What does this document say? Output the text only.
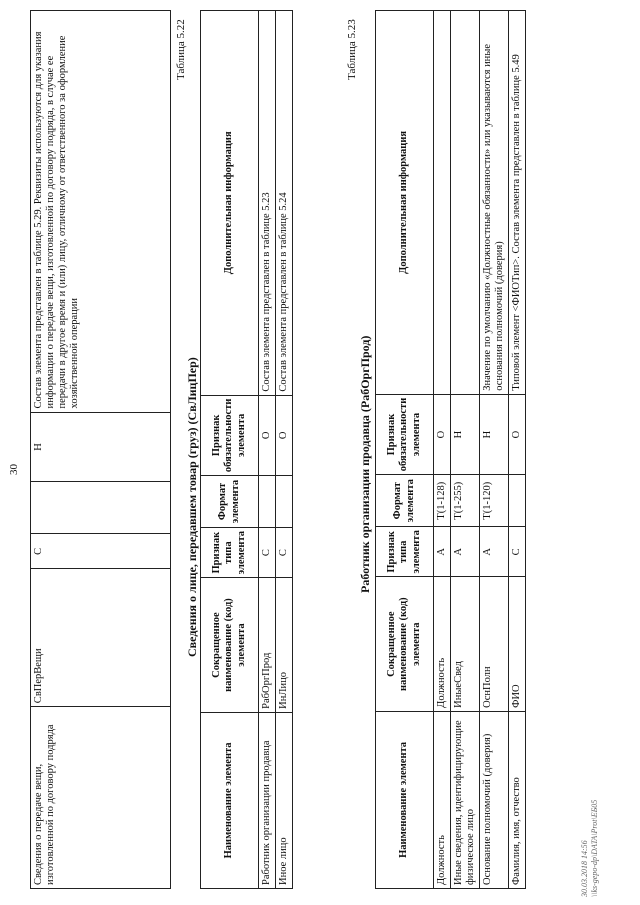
30
30.03.2018 14:56 \\ks-gepo-dp\DATA\Prot\ЕБ05
Сведения о передаче вещи, изготовленной по договору подряда	СвПерВещи	С		Н	Состав элемента представлен в таблице 5.29. Реквизиты используются для указания информации о передаче вещи, изготовленной по договору подряда, в случае ее передачи в другое время и (или) лицу, отличному от ответственного за оформление хозяйственной операции
Таблица 5.22
Сведения о лице, передавшем товар (груз) (СвЛицПер)
Наименование элемента	Сокращенное наименование (код) элемента	Признак типа элемента	Формат элемента	Признак обязательности элемента	Дополнительная информация
Работник организации продавца	РабОргПрод	С		О	Состав элемента представлен в таблице 5.23
Иное лицо	ИнЛицо	С		О	Состав элемента представлен в таблице 5.24
Таблица 5.23
Работник организации продавца (РабОргПрод)
Наименование элемента	Сокращенное наименование (код) элемента	Признак типа элемента	Формат элемента	Признак обязательности элемента	Дополнительная информация
Должность	Должность	А	Т(1-128)	О	
Иные сведения, идентифицирующие физическое лицо	ИныеСвед	А	Т(1-255)	Н	
Основание полномочий (доверия)	ОснПолн	А	Т(1-120)	Н	Значение по умолчанию «Должностные обязанности» или указываются иные основания полномочий (доверия)
Фамилия, имя, отчество	ФИО	С		О	Типовой элемент <ФИОТип>. Состав элемента представлен в таблице 5.49
